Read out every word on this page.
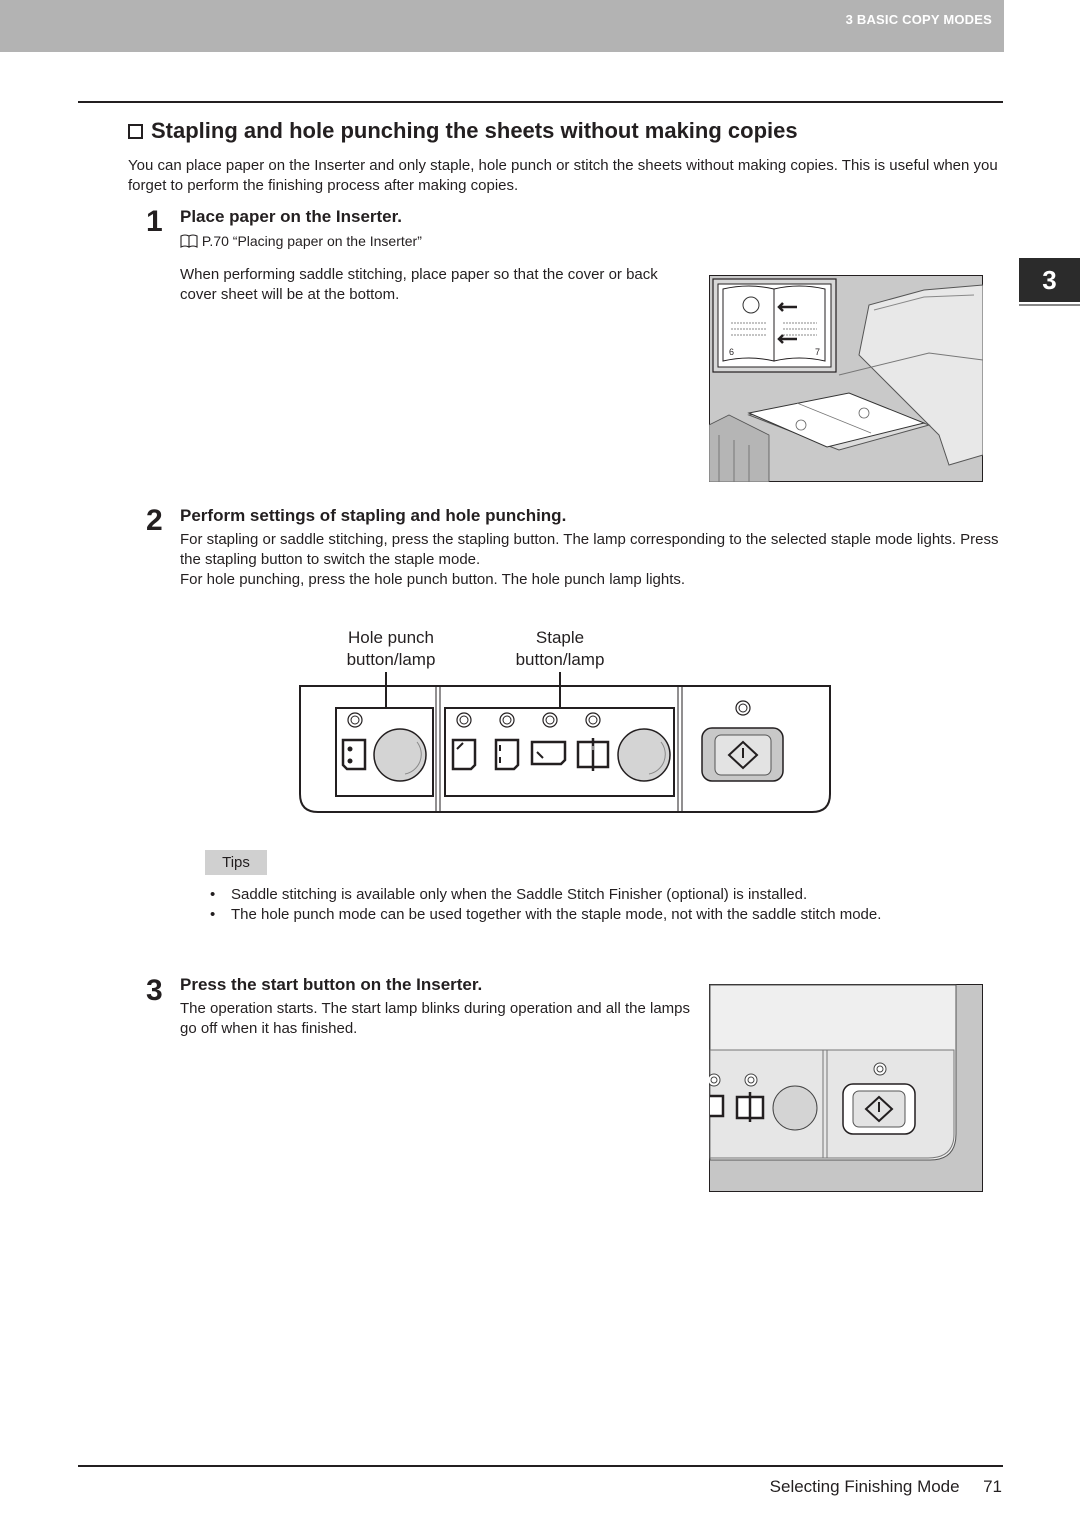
3 BASIC COPY MODES
3
Stapling and hole punching the sheets without making copies
You can place paper on the Inserter and only staple, hole punch or stitch the sheets without making copies. This is useful when you forget to perform the finishing process after making copies.
1 Place paper on the Inserter.
P.70 “Placing paper on the Inserter”
When performing saddle stitching, place paper so that the cover or back cover sheet will be at the bottom.
6	7
2 Perform settings of stapling and hole punching.
For stapling or saddle stitching, press the stapling button. The lamp corresponding to the selected staple mode lights. Press the stapling button to switch the staple mode.
For hole punching, press the hole punch button. The hole punch lamp lights.
Hole punch
button/lamp
Staple
button/lamp
Tips
• Saddle stitching is available only when the Saddle Stitch Finisher (optional) is installed.
• The hole punch mode can be used together with the staple mode, not with the saddle stitch mode.
3 Press the start button on the Inserter.
The operation starts. The start lamp blinks during operation and all the lamps go off when it has finished.
Selecting Finishing Mode 71
